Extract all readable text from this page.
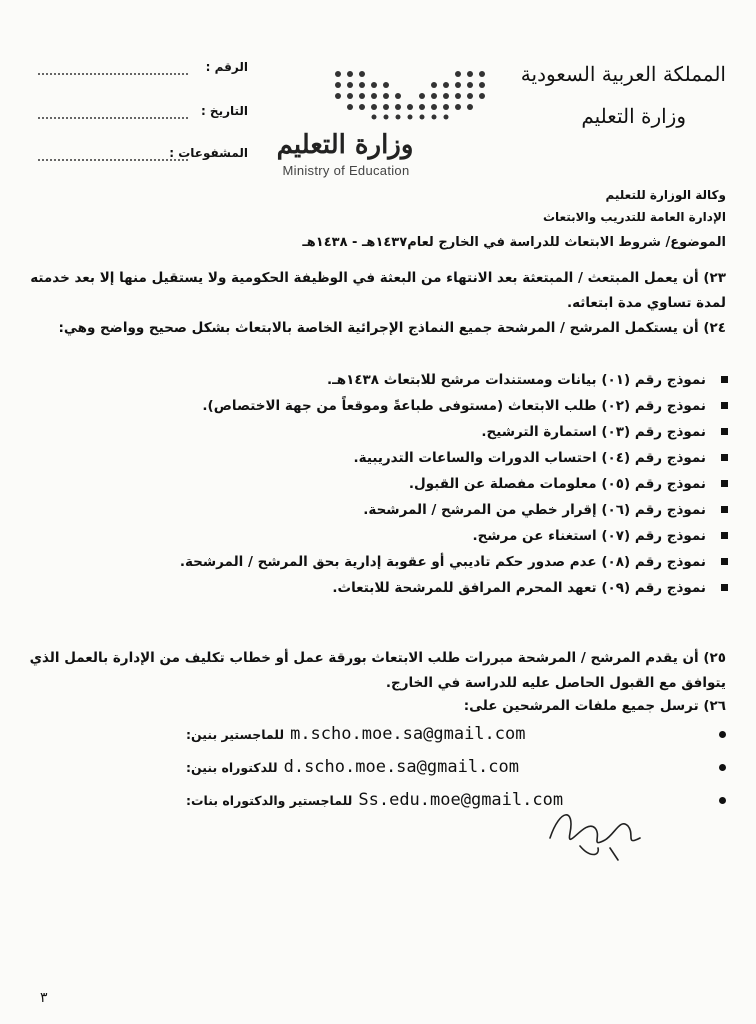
المملكة العربية السعودية
وزارة التعليم
وزارة التعليم
Ministry of Education
الرقم :
التاريخ :
المشفوعات :
وكالة الوزارة للتعليم
الإدارة العامة للتدريب والابتعاث
الموضوع/ شروط الابتعاث للدراسة في الخارج لعام١٤٣٧هـ - ١٤٣٨هـ
٢٣) أن يعمل المبتعث / المبتعثة بعد الانتهاء من البعثة في الوظيفة الحكومية ولا يستقيل منها إلا بعد خدمته لمدة تساوي مدة ابتعاثه.
٢٤) أن يستكمل المرشح / المرشحة جميع النماذج الإجرائية الخاصة بالابتعاث بشكل صحيح وواضح وهي:
نموذج رقم (٠١) بيانات ومستندات مرشح للابتعاث ١٤٣٨هـ.
نموذج رقم (٠٢) طلب الابتعاث (مستوفى طباعةً وموقعاً من جهة الاختصاص).
نموذج رقم (٠٣) استمارة الترشيح.
نموذج رقم (٠٤) احتساب الدورات والساعات التدريبية.
نموذج رقم (٠٥) معلومات مفصلة عن القبول.
نموذج رقم (٠٦) إقرار خطي من المرشح / المرشحة.
نموذج رقم (٠٧) استغناء عن مرشح.
نموذج رقم (٠٨) عدم صدور حكم تاديبي أو عقوبة إدارية بحق المرشح / المرشحة.
نموذج رقم (٠٩) تعهد المحرم المرافق للمرشحة للابتعاث.
٢٥) أن يقدم المرشح / المرشحة مبررات طلب الابتعاث بورقة عمل أو خطاب تكليف من الإدارة بالعمل الذي يتوافق مع القبول الحاصل عليه للدراسة في الخارج.
٢٦) ترسل جميع ملفات المرشحين على:
للماجستير بنين: m.scho.moe.sa@gmail.com
للدكتوراه بنين: d.scho.moe.sa@gmail.com
للماجستير والدكتوراه بنات: Ss.edu.moe@gmail.com
٣
